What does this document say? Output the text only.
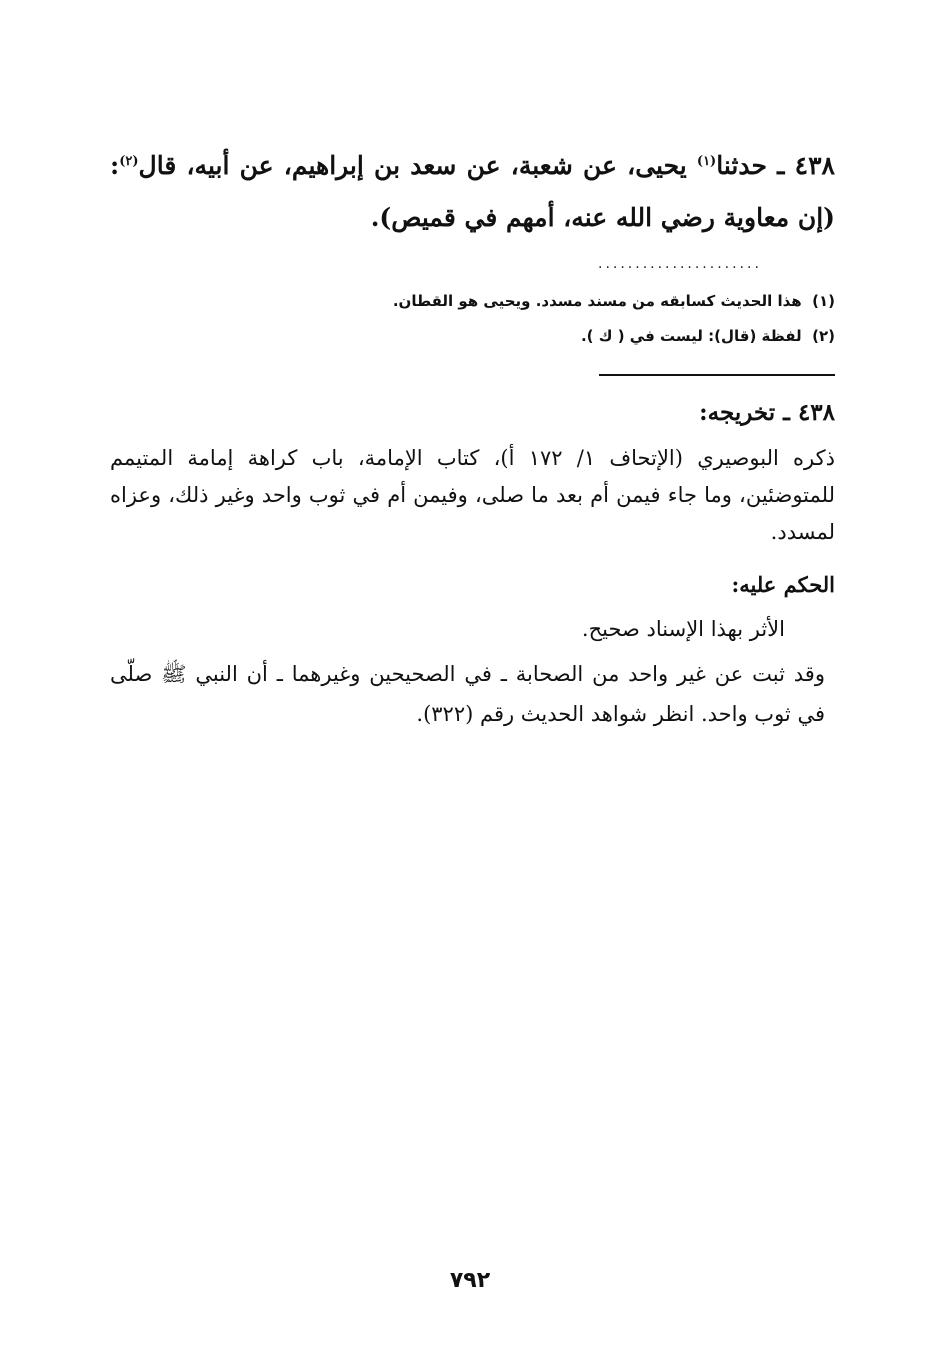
٤٣٨ ـ حدثنا$^{(١)}$ يحيى، عن شعبة، عن سعد بن إبراهيم، عن أبيه، قال$^{(٢)}$: (إن معاوية رضي الله عنه، أمهم في قميص).
......................
(١)  هذا الحديث كسابقه من مسند مسدد. ويحيى هو القطان.
(٢)  لفظة (قال): ليست في ( ك ).
٤٣٨ ـ تخريجه:
ذكره البوصيري (الإتحاف ١/ ١٧٢ أ)، كتاب الإمامة، باب كراهة إمامة المتيمم للمتوضئين، وما جاء فيمن أم بعد ما صلى، وفيمن أم في ثوب واحد وغير ذلك، وعزاه لمسدد.
الحكم عليه:
الأثر بهذا الإسناد صحيح.
وقد ثبت عن غير واحد من الصحابة ـ في الصحيحين وغيرهما ـ أن النبي ﷺ صلّى في ثوب واحد. انظر شواهد الحديث رقم (٣٢٢).
٧٩٢
